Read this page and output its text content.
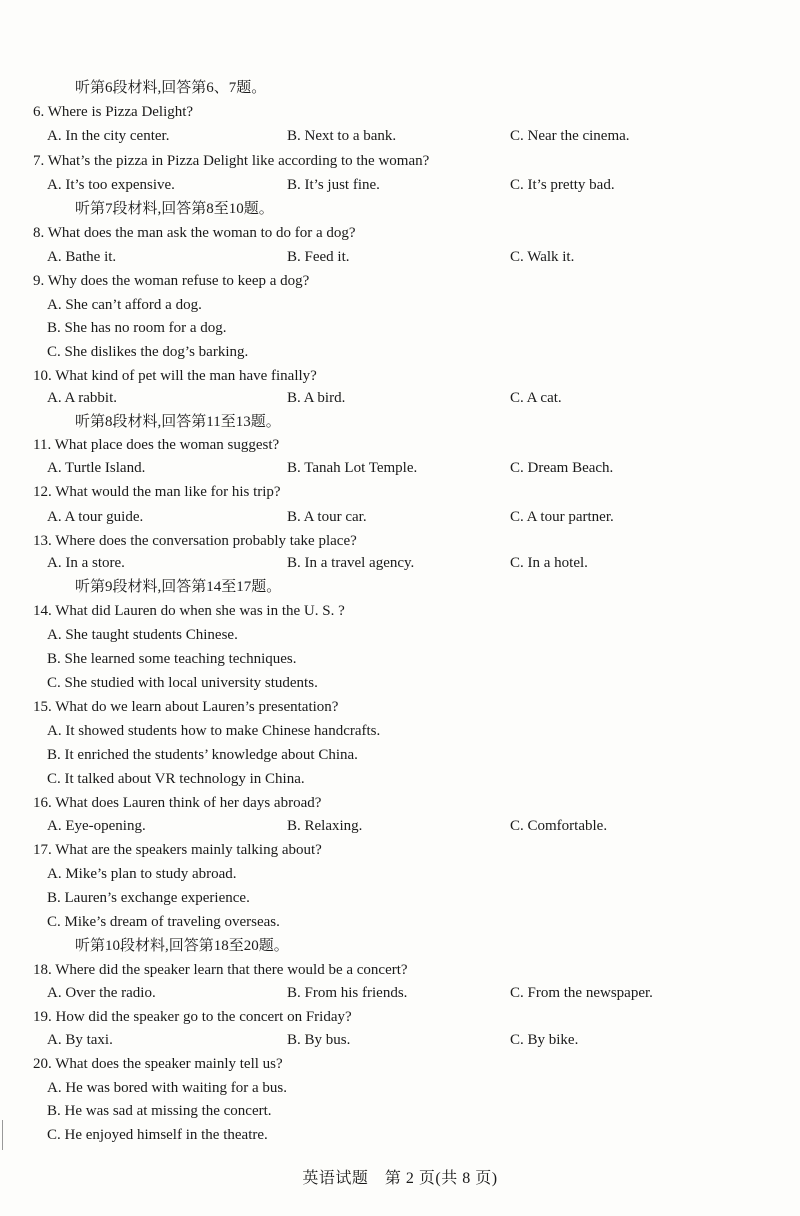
听第6段材料,回答第6、7题。
6. Where is Pizza Delight?
A. In the city center.	B. Next to a bank.	C. Near the cinema.
7. What’s the pizza in Pizza Delight like according to the woman?
A. It’s too expensive.	B. It’s just fine.	C. It’s pretty bad.
听第7段材料,回答第8至10题。
8. What does the man ask the woman to do for a dog?
A. Bathe it.	B. Feed it.	C. Walk it.
9. Why does the woman refuse to keep a dog?
A. She can’t afford a dog.
B. She has no room for a dog.
C. She dislikes the dog’s barking.
10. What kind of pet will the man have finally?
A. A rabbit.	B. A bird.	C. A cat.
听第8段材料,回答第11至13题。
11. What place does the woman suggest?
A. Turtle Island.	B. Tanah Lot Temple.	C. Dream Beach.
12. What would the man like for his trip?
A. A tour guide.	B. A tour car.	C. A tour partner.
13. Where does the conversation probably take place?
A. In a store.	B. In a travel agency.	C. In a hotel.
听第9段材料,回答第14至17题。
14. What did Lauren do when she was in the U. S. ?
A. She taught students Chinese.
B. She learned some teaching techniques.
C. She studied with local university students.
15. What do we learn about Lauren’s presentation?
A. It showed students how to make Chinese handcrafts.
B. It enriched the students’ knowledge about China.
C. It talked about VR technology in China.
16. What does Lauren think of her days abroad?
A. Eye-opening.	B. Relaxing.	C. Comfortable.
17. What are the speakers mainly talking about?
A. Mike’s plan to study abroad.
B. Lauren’s exchange experience.
C. Mike’s dream of traveling overseas.
听第10段材料,回答第18至20题。
18. Where did the speaker learn that there would be a concert?
A. Over the radio.	B. From his friends.	C. From the newspaper.
19. How did the speaker go to the concert on Friday?
A. By taxi.	B. By bus.	C. By bike.
20. What does the speaker mainly tell us?
A. He was bored with waiting for a bus.
B. He was sad at missing the concert.
C. He enjoyed himself in the theatre.
英语试题　第 2 页(共 8 页)
